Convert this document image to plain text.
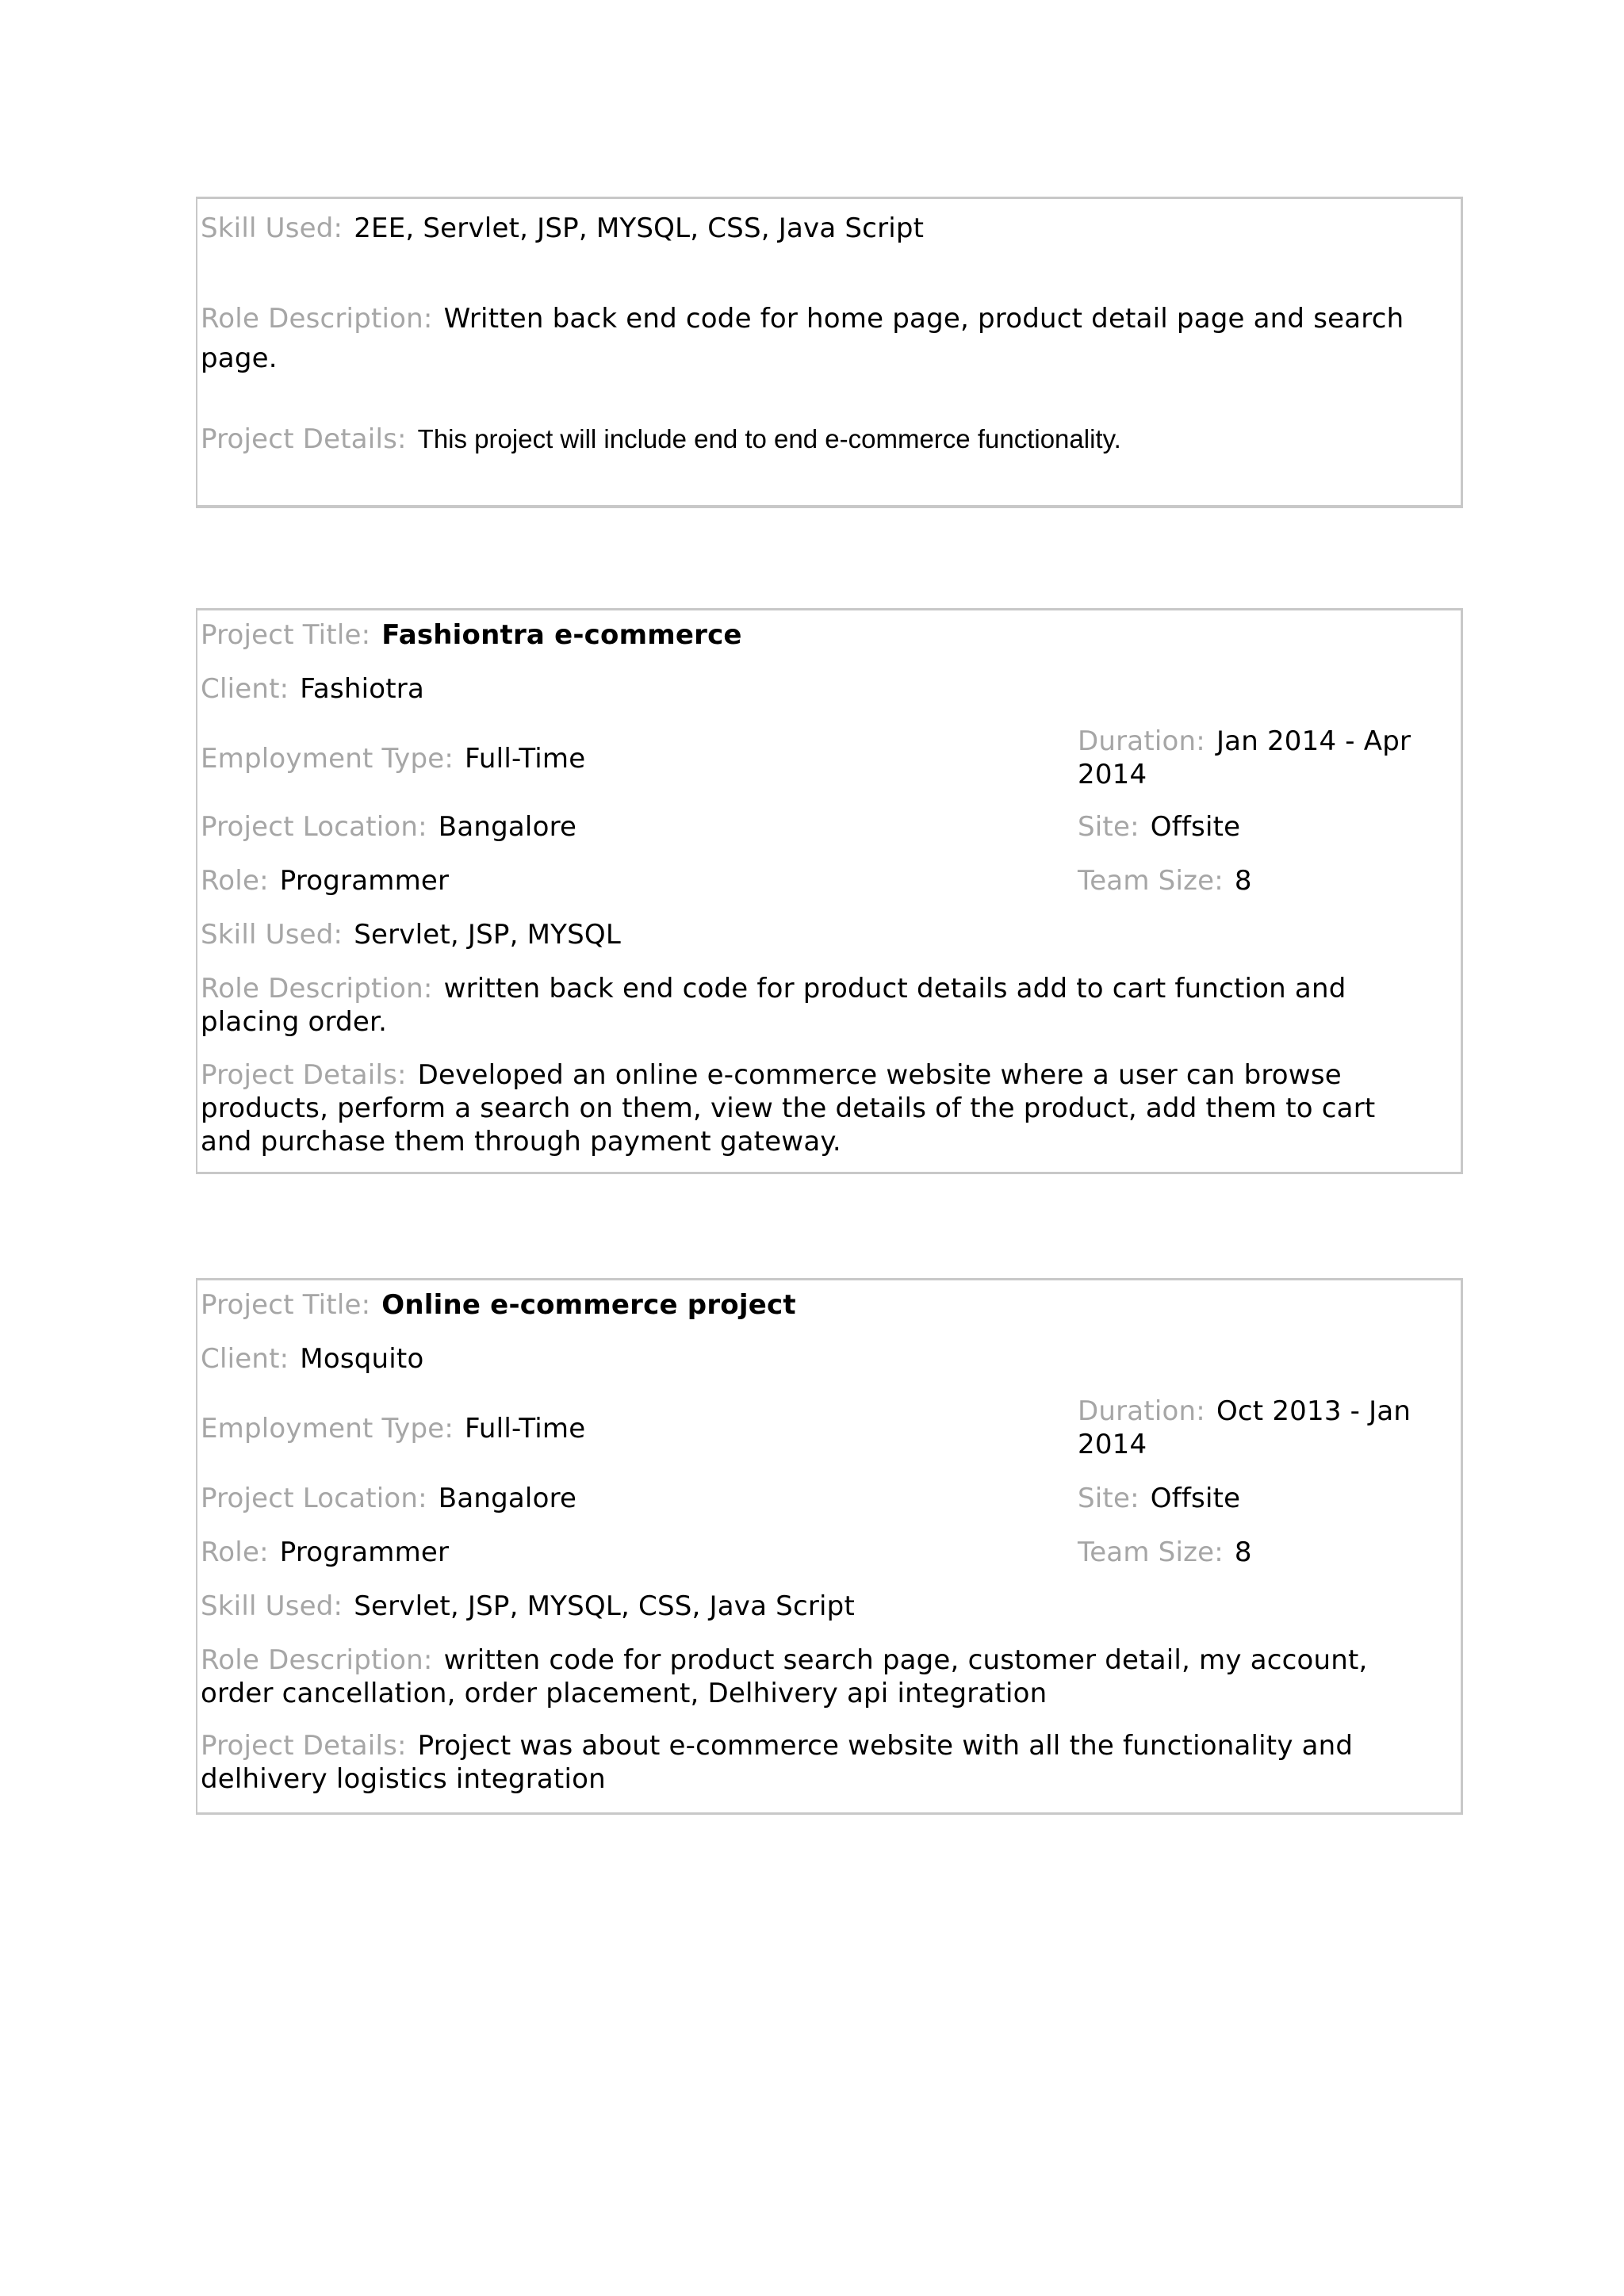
Skill Used: 2EE, Servlet, JSP, MYSQL, CSS, Java Script
Role Description: Written back end code for home page, product detail page and search page.
Project Details: This project will include end to end e-commerce functionality.
Project Title: Fashiontra e-commerce
Client: Fashiotra
Employment Type: Full-Time
Duration: Jan 2014 - Apr 2014
Project Location: Bangalore	Site: Offsite
Role: Programmer	Team Size: 8
Skill Used: Servlet, JSP, MYSQL
Role Description: written back end code for product details add to cart function and placing order.
Project Details: Developed an online e-commerce website where a user can browse products, perform a search on them, view the details of the product, add them to cart and purchase them through payment gateway.
Project Title: Online e-commerce project
Client: Mosquito
Employment Type: Full-Time
Duration: Oct 2013 - Jan 2014
Project Location: Bangalore	Site: Offsite
Role: Programmer	Team Size: 8
Skill Used: Servlet, JSP, MYSQL, CSS, Java Script
Role Description: written code for product search page, customer detail, my account, order cancellation, order placement, Delhivery api integration
Project Details: Project was about e-commerce website with all the functionality and delhivery logistics integration
